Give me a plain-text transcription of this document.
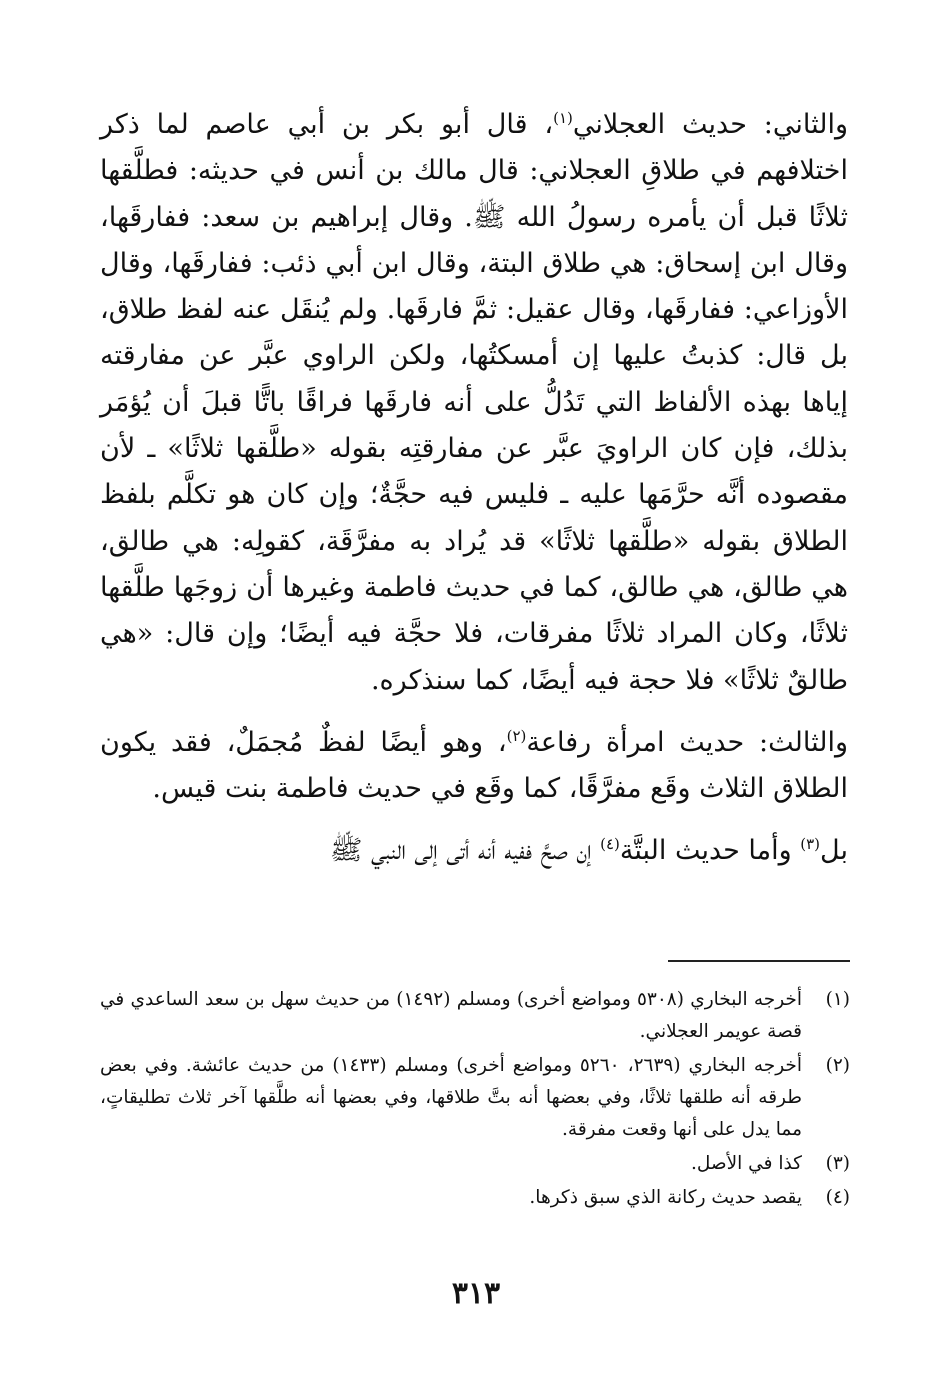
والثاني: حديث العجلاني$^{(١)}$، قال أبو بكر بن أبي عاصم لما ذكر اختلافهم في طلاقِ العجلاني: قال مالك بن أنس في حديثه: فطلَّقها ثلاثًا قبل أن يأمره رسولُ الله ﷺ. وقال إبراهيم بن سعد: ففارقَها، وقال ابن إسحاق: هي طلاق البتة، وقال ابن أبي ذئب: ففارقَها، وقال الأوزاعي: ففارقَها، وقال عقيل: ثمَّ فارقَها. ولم يُنقَل عنه لفظ طلاق، بل قال: كذبتُ عليها إن أمسكتُها، ولكن الراوي عبَّر عن مفارقته إياها بهذه الألفاظ التي تَدُلُّ على أنه فارقَها فراقًا باتًّا قبلَ أن يُؤمَر بذلك، فإن كان الراويَ عبَّر عن مفارقتِه بقوله «طلَّقها ثلاثًا» ـ لأن مقصوده أنَّه حرَّمَها عليه ـ فليس فيه حجَّةٌ؛ وإن كان هو تكلَّم بلفظ الطلاق بقوله «طلَّقها ثلاثًا» قد يُراد به مفرَّقَة، كقولِه: هي طالق، هي طالق، هي طالق، كما في حديث فاطمة وغيرها أن زوجَها طلَّقها ثلاثًا، وكان المراد ثلاثًا مفرقات، فلا حجَّة فيه أيضًا؛ وإن قال: «هي طالقٌ ثلاثًا» فلا حجة فيه أيضًا، كما سنذكره.

والثالث: حديث امرأة رفاعة$^{(٢)}$، وهو أيضًا لفظٌ مُجمَلٌ، فقد يكون الطلاق الثلاث وقَع مفرَّقًا، كما وقَع في حديث فاطمة بنت قيس.

بل$^{(٣)}$ وأما حديث البتَّة$^{(٤)}$ إن صحَّ ففيه أنه أتى إلى النبي ﷺ

(١)
أخرجه البخاري (٥٣٠٨ ومواضع أخرى) ومسلم (١٤٩٢) من حديث سهل بن سعد الساعدي في قصة عويمر العجلاني.
(٢)
أخرجه البخاري (٢٦٣٩، ٥٢٦٠ ومواضع أخرى) ومسلم (١٤٣٣) من حديث عائشة. وفي بعض طرقه أنه طلقها ثلاثًا، وفي بعضها أنه بتَّ طلاقها، وفي بعضها أنه طلَّقها آخر ثلاث تطليقاتٍ، مما يدل على أنها وقعت مفرقة.
(٣)
كذا في الأصل.
(٤)
يقصد حديث ركانة الذي سبق ذكرها.
٣١٣
